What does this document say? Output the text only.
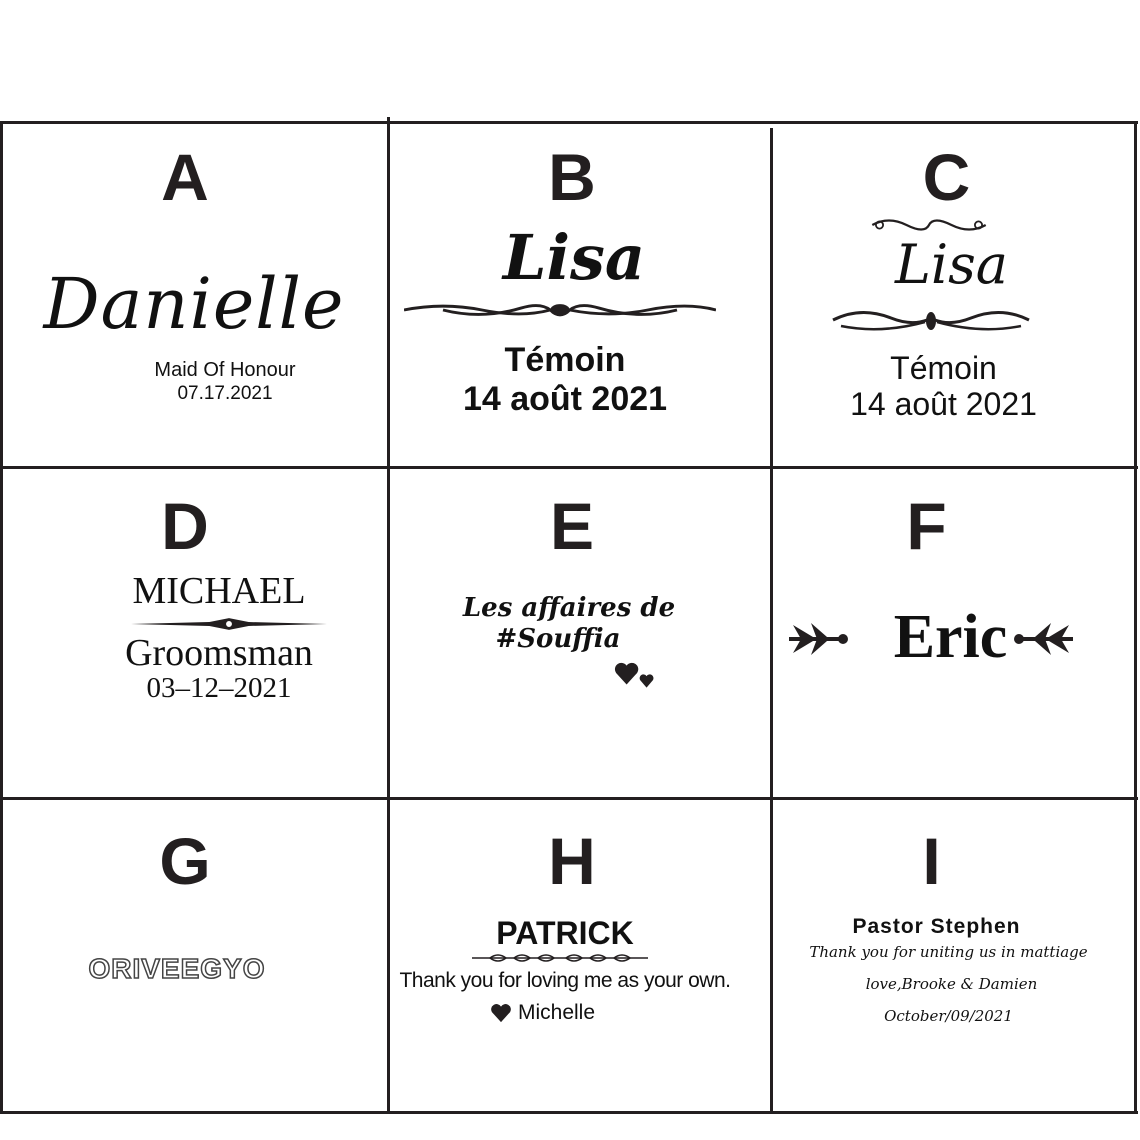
A
Danielle
Maid Of Honour
07.17.2021
B
Lisa
Témoin
14 août 2021
C
Lisa
Témoin
14 août 2021
D
MICHAEL
Groomsman
03–12–2021
E
Les affaires de
#Souffia
F
Eric
G
ORIVEEGYO
H
PATRICK
Thank you for loving me as your own.
Michelle
I
Pastor Stephen
Thank you for uniting us in mattiage
love,Brooke & Damien
October/09/2021
